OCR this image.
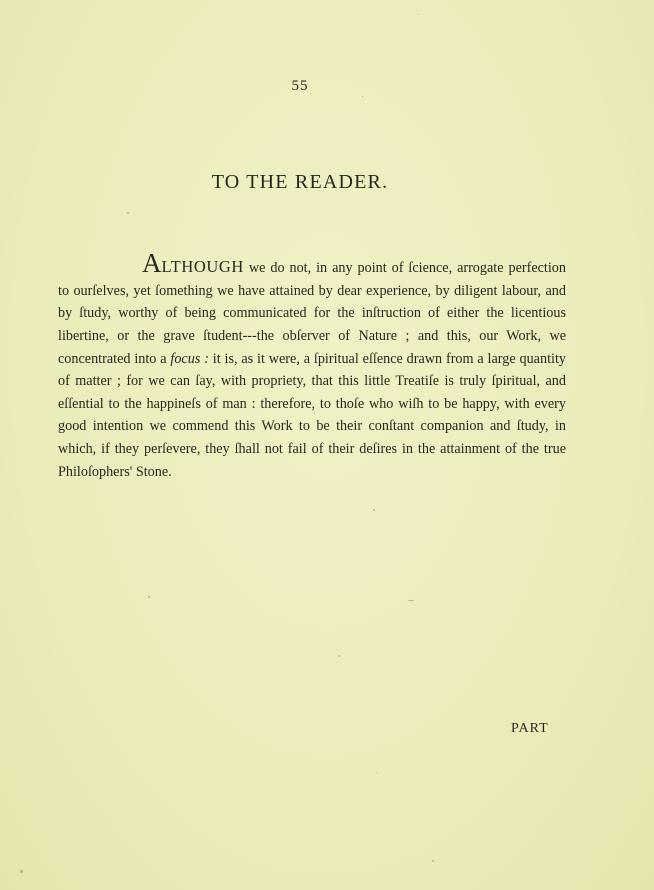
55
TO THE READER.

ALTHOUGH we do not, in any point of ſcience, arrogate perfection to ourſelves, yet ſomething we have attained by dear experience, by diligent labour, and by ſtudy, worthy of being communicated for the inſtruction of either the licentious libertine, or the grave ſtudent---the obſerver of Nature ; and this, our Work, we concentrated into a focus : it is, as it were, a ſpiritual eſſence drawn from a large quantity of matter ; for we can ſay, with propriety, that this little Treatiſe is truly ſpiritual, and eſſential to the happineſs of man : therefore, to thoſe who wiſh to be happy, with every good intention we commend this Work to be their conſtant companion and ſtudy, in which, if they perſevere, they ſhall not fail of their deſires in the attainment of the true Philoſophers' Stone.

PART
